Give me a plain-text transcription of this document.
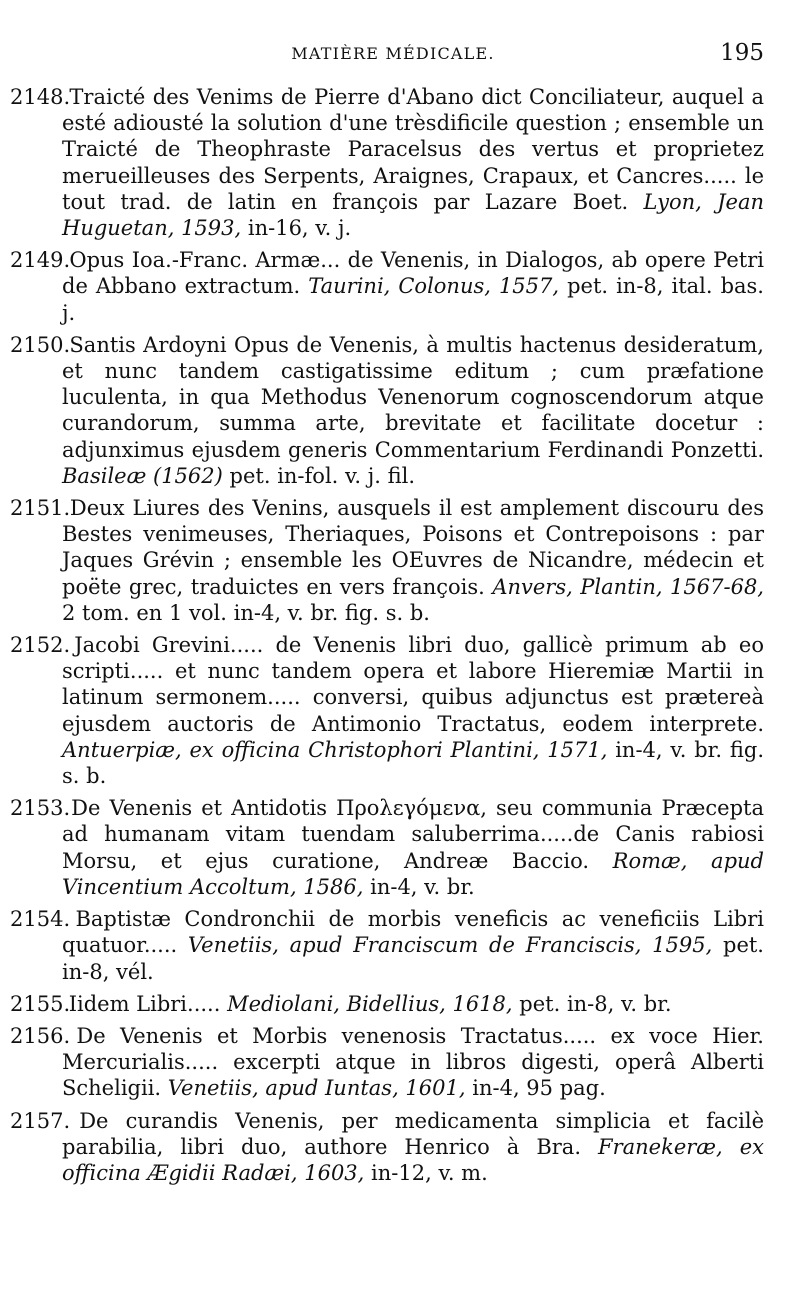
MATIÈRE MÉDICALE.	195

2148. Traicté des Venims de Pierre d'Abano dict Conciliateur, auquel a esté adiousté la solution d'une trèsdificile question ; ensemble un Traicté de Theophraste Paracelsus des vertus et proprietez merueilleuses des Serpents, Araignes, Crapaux, et Cancres..... le tout trad. de latin en françois par Lazare Boet. Lyon, Jean Huguetan, 1593, in-16, v. j.

2149. Opus Ioa.-Franc. Armæ... de Venenis, in Dialogos, ab opere Petri de Abbano extractum. Taurini, Colonus, 1557, pet. in-8, ital. bas. j.

2150. Santis Ardoyni Opus de Venenis, à multis hactenus desideratum, et nunc tandem castigatissime editum ; cum præfatione luculenta, in qua Methodus Venenorum cognoscendorum atque curandorum, summa arte, brevitate et facilitate docetur : adjunximus ejusdem generis Commentarium Ferdinandi Ponzetti. Basileæ (1562) pet. in-fol. v. j. fil.

2151. Deux Liures des Venins, ausquels il est amplement discouru des Bestes venimeuses, Theriaques, Poisons et Contrepoisons : par Jaques Grévin ; ensemble les OEuvres de Nicandre, médecin et poëte grec, traduictes en vers françois. Anvers, Plantin, 1567-68, 2 tom. en 1 vol. in-4, v. br. fig. s. b.

2152. Jacobi Grevini..... de Venenis libri duo, gallicè primum ab eo scripti..... et nunc tandem opera et labore Hieremiæ Martii in latinum sermonem..... conversi, quibus adjunctus est prætereà ejusdem auctoris de Antimonio Tractatus, eodem interprete. Antuerpiæ, ex officina Christophori Plantini, 1571, in-4, v. br. fig. s. b.

2153. De Venenis et Antidotis Προλεγόμενα, seu communia Præcepta ad humanam vitam tuendam saluberrima.....de Canis rabiosi Morsu, et ejus curatione, Andreæ Baccio. Romæ, apud Vincentium Accoltum, 1586, in-4, v. br.

2154. Baptistæ Condronchii de morbis veneficis ac veneficiis Libri quatuor..... Venetiis, apud Franciscum de Franciscis, 1595, pet. in-8, vél.

2155. Iidem Libri..... Mediolani, Bidellius, 1618, pet. in-8, v. br.

2156. De Venenis et Morbis venenosis Tractatus..... ex voce Hier. Mercurialis..... excerpti atque in libros digesti, operâ Alberti Scheligii. Venetiis, apud Iuntas, 1601, in-4, 95 pag.

2157. De curandis Venenis, per medicamenta simplicia et facilè parabilia, libri duo, authore Henrico à Bra. Franekeræ, ex officina Ægidii Radæi, 1603, in-12, v. m.
